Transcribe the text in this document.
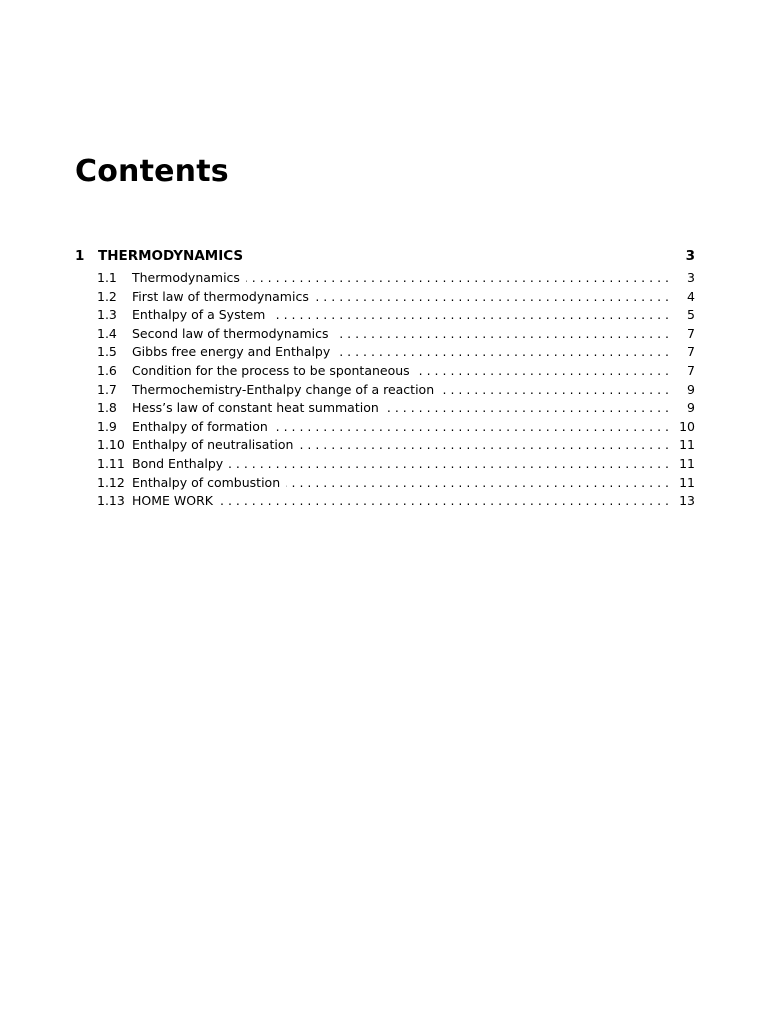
Contents
1	THERMODYNAMICS	3
1.1	Thermodynamics . . .	3
1.2	First law of thermodynamics . . .	4
1.3	Enthalpy of a System . . .	5
1.4	Second law of thermodynamics . . .	7
1.5	Gibbs free energy and Enthalpy . . .	7
1.6	Condition for the process to be spontaneous . . .	7
1.7	Thermochemistry-Enthalpy change of a reaction . . .	9
1.8	Hess’s law of constant heat summation . . .	9
1.9	Enthalpy of formation . . .	10
1.10 Enthalpy of neutralisation . . .	11
1.11 Bond Enthalpy . . .	11
1.12 Enthalpy of combustion . . .	11
1.13 HOME WORK . . .	13
